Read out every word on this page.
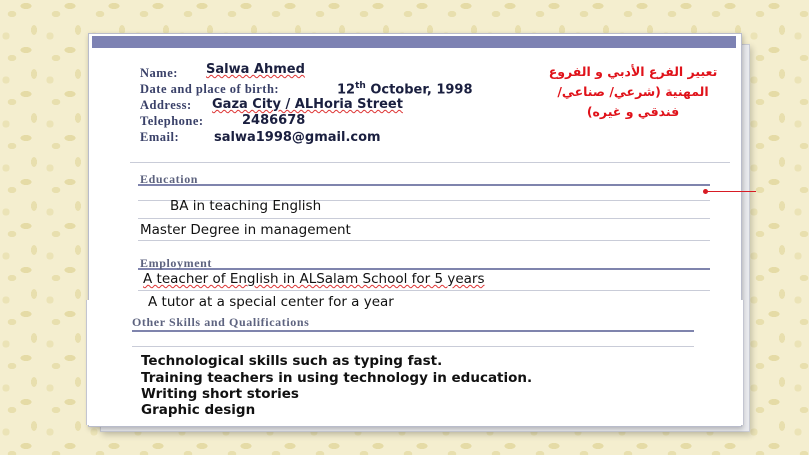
Name: Salwa Ahmed
Date and place of birth:	12th October, 1998
Address: Gaza City / ALHoria Street
Telephone:	2486678
Email:	salwa1998@gmail.com
تعبير الفرع الأدبي و الفروع
المهنية (شرعي/ صناعي/
فندقي و غيره)
Education
BA in teaching English
Master Degree in management
Employment
A teacher of English in ALSalam School for 5 years
A tutor at a special center for a year
Other Skills and Qualifications
Technological skills such as typing fast.
Training teachers in using technology in education.
Writing short stories
Graphic design
